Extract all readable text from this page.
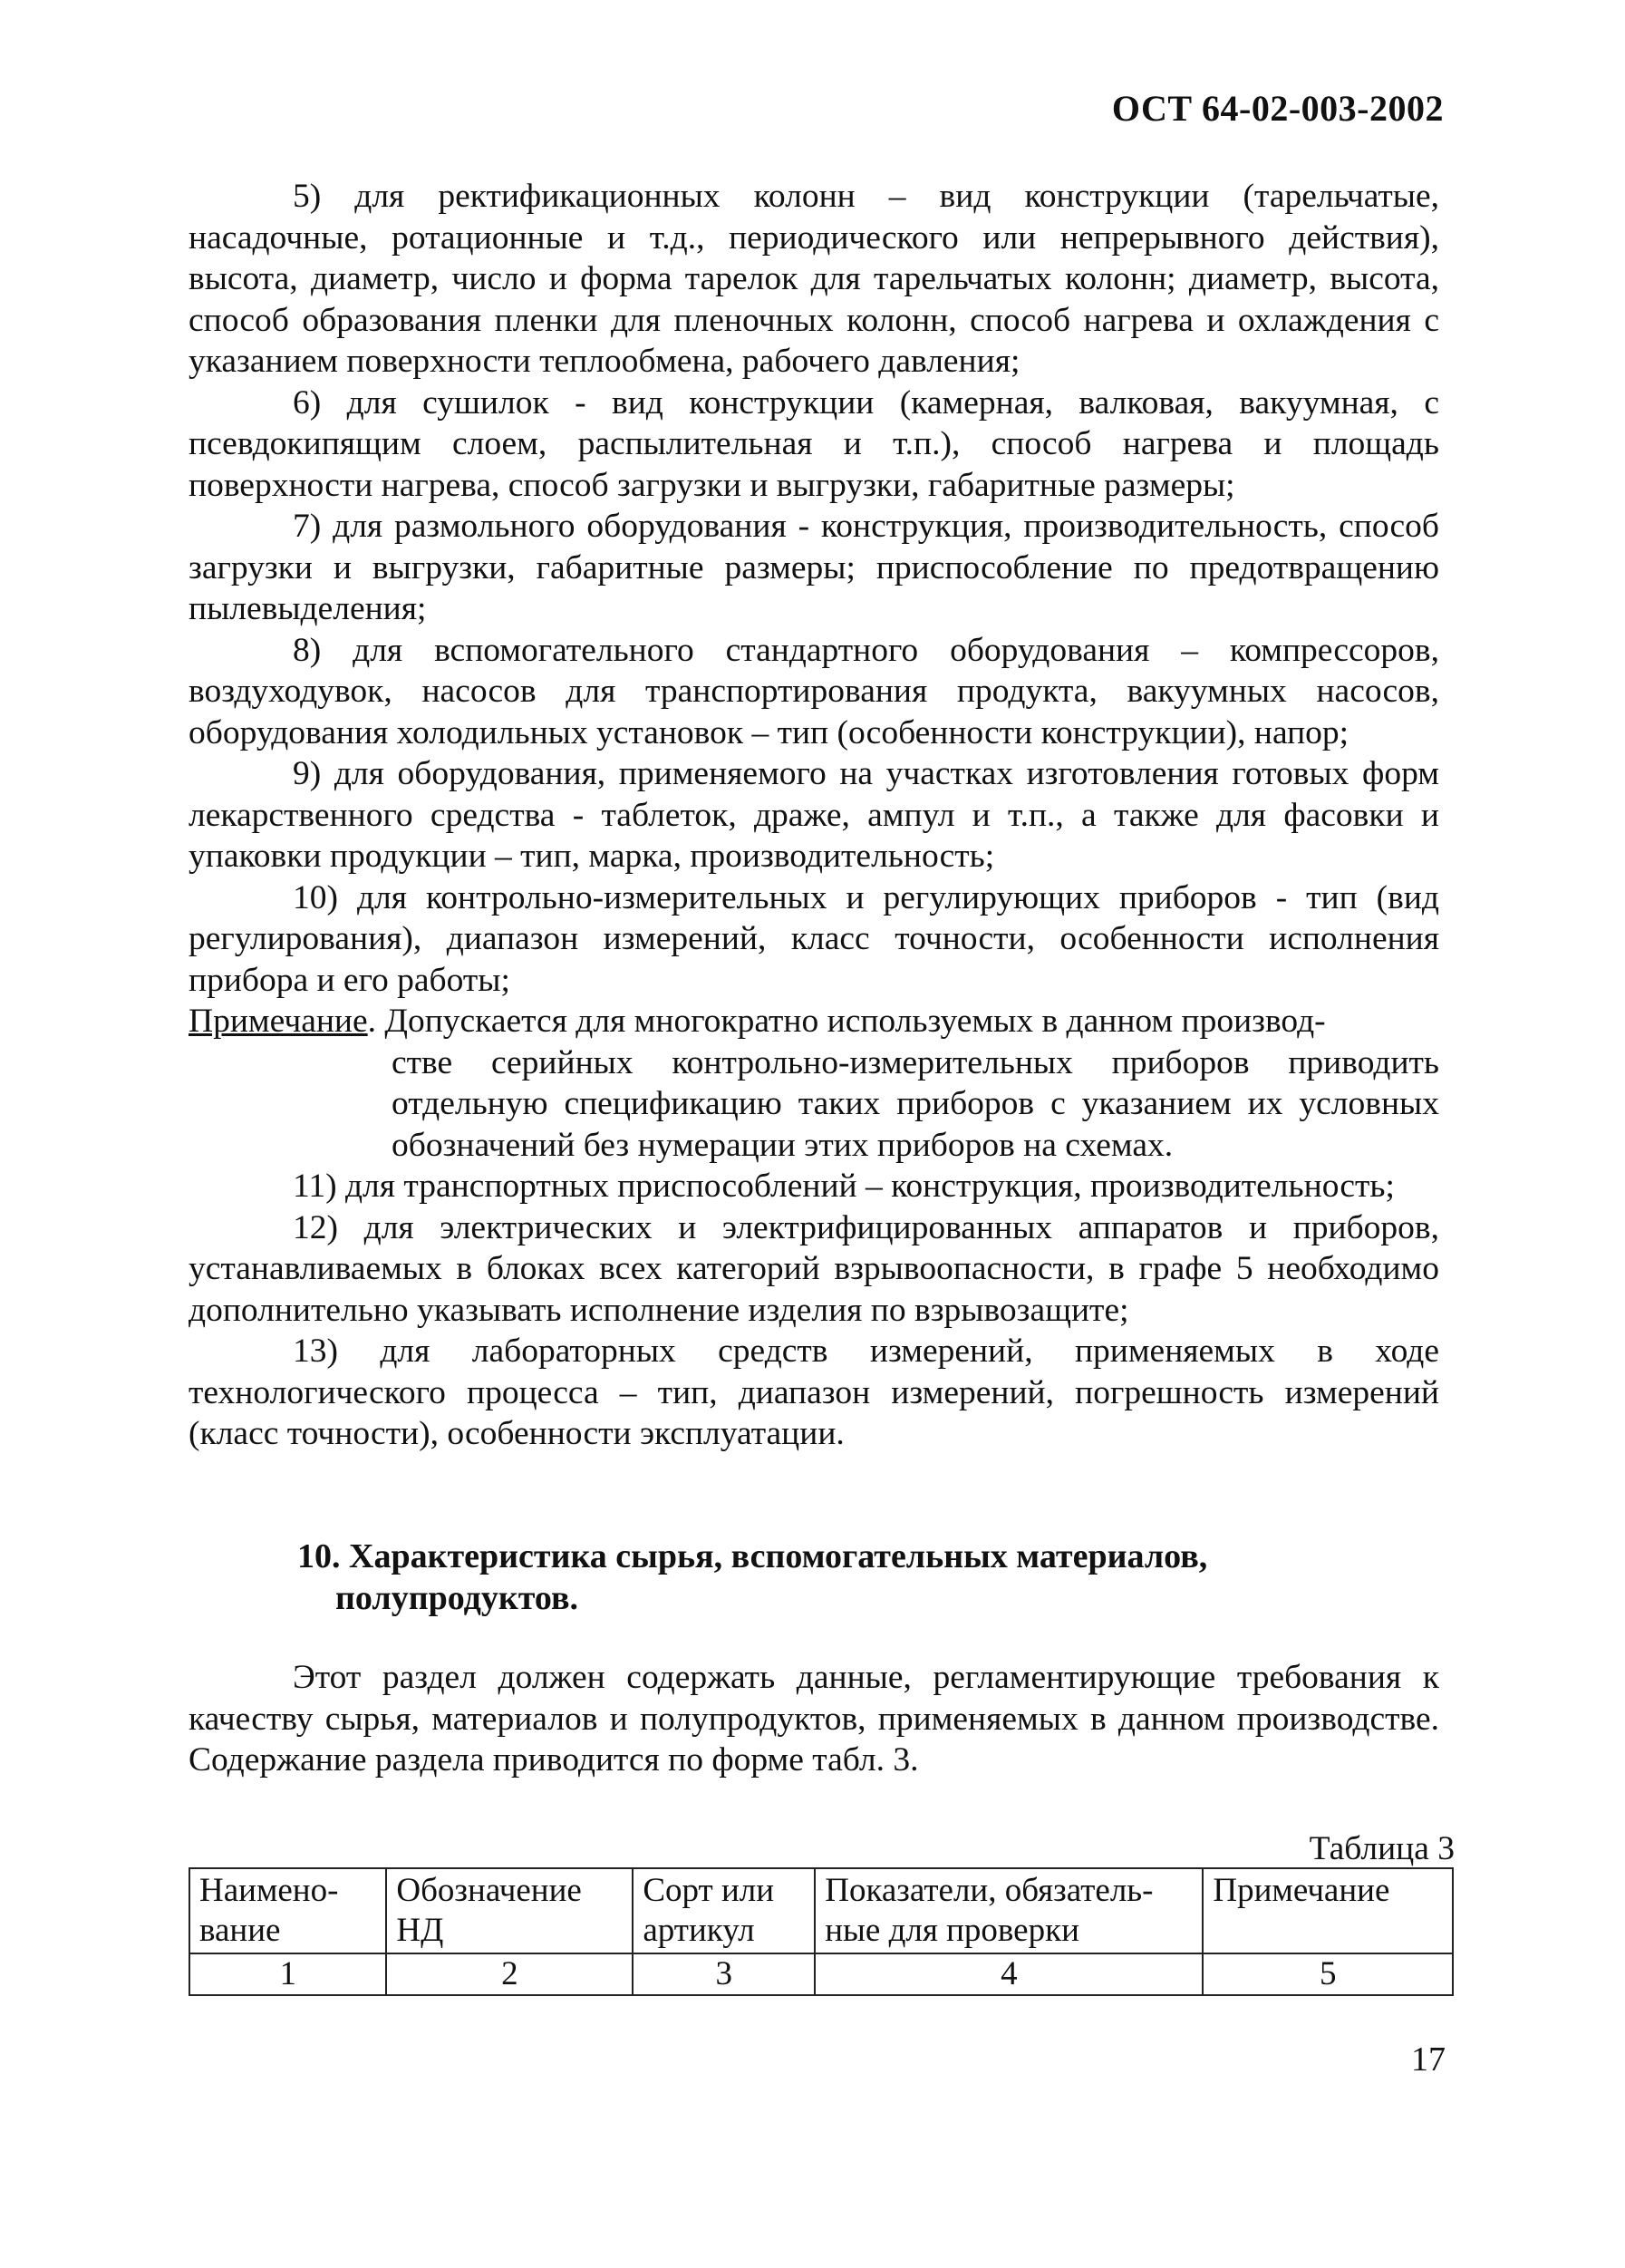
ОСТ 64-02-003-2002

5) для ректификационных колонн – вид конструкции (тарельчатые, насадочные, ротационные и т.д., периодического или непрерывного действия), высота, диаметр, число и форма тарелок для тарельчатых колонн; диаметр, высота, способ образования пленки для пленочных колонн, способ нагрева и охлаждения с указанием поверхности теплообмена, рабочего давления;

6) для сушилок - вид конструкции (камерная, валковая, вакуумная, с псевдокипящим слоем, распылительная и т.п.), способ нагрева и площадь поверхности нагрева, способ загрузки и выгрузки, габаритные размеры;

7) для размольного оборудования - конструкция, производительность, способ загрузки и выгрузки, габаритные размеры; приспособление по предотвращению пылевыделения;

8) для вспомогательного стандартного оборудования – компрессоров, воздуходувок, насосов для транспортирования продукта, вакуумных насосов, оборудования холодильных установок – тип (особенности конструкции), напор;

9) для оборудования, применяемого на участках изготовления готовых форм лекарственного средства - таблеток, драже, ампул и т.п., а также для фасовки и упаковки продукции – тип, марка, производительность;

10) для контрольно-измерительных и регулирующих приборов - тип (вид регулирования), диапазон измерений, класс точности, особенности исполнения прибора и его работы;

Примечание. Допускается для многократно используемых в данном производ-
стве серийных контрольно-измерительных приборов приводить отдельную спецификацию таких приборов с указанием их условных обозначений без нумерации этих приборов на схемах.

11) для транспортных приспособлений – конструкция, производительность;

12) для электрических и электрифицированных аппаратов и приборов, устанавливаемых в блоках всех категорий взрывоопасности, в графе 5 необходимо дополнительно указывать исполнение изделия по взрывозащите;

13) для лабораторных средств измерений, применяемых в ходе технологического процесса – тип, диапазон измерений, погрешность измерений (класс точности), особенности эксплуатации.

10. Характеристика сырья, вспомогательных материалов,
полупродуктов.

Этот раздел должен содержать данные, регламентирующие требования к качеству сырья, материалов и полупродуктов, применяемых в данном производстве. Содержание раздела приводится по форме табл. 3.

Таблица 3
Наимено-вание	Обозначение НД	Сорт или артикул	Показатели, обязатель-ные для проверки	Примечание
1	2	3	4	5
17
